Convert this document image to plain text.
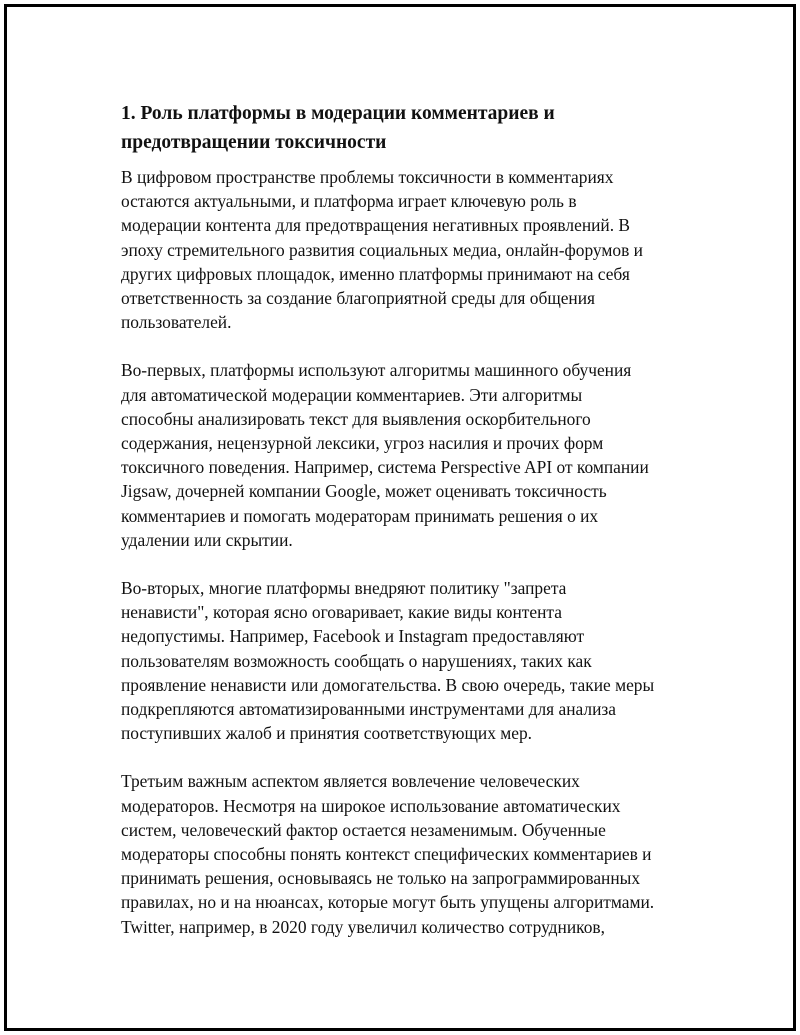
1. Роль платформы в модерации комментариев и
предотвращении токсичности

В цифровом пространстве проблемы токсичности в комментариях
остаются актуальными, и платформа играет ключевую роль в
модерации контента для предотвращения негативных проявлений. В
эпоху стремительного развития социальных медиа, онлайн-форумов и
других цифровых площадок, именно платформы принимают на себя
ответственность за создание благоприятной среды для общения
пользователей.

Во-первых, платформы используют алгоритмы машинного обучения
для автоматической модерации комментариев. Эти алгоритмы
способны анализировать текст для выявления оскорбительного
содержания, нецензурной лексики, угроз насилия и прочих форм
токсичного поведения. Например, система Perspective API от компании
Jigsaw, дочерней компании Google, может оценивать токсичность
комментариев и помогать модераторам принимать решения о их
удалении или скрытии.

Во-вторых, многие платформы внедряют политику "запрета
ненависти", которая ясно оговаривает, какие виды контента
недопустимы. Например, Facebook и Instagram предоставляют
пользователям возможность сообщать о нарушениях, таких как
проявление ненависти или домогательства. В свою очередь, такие меры
подкрепляются автоматизированными инструментами для анализа
поступивших жалоб и принятия соответствующих мер.

Третьим важным аспектом является вовлечение человеческих
модераторов. Несмотря на широкое использование автоматических
систем, человеческий фактор остается незаменимым. Обученные
модераторы способны понять контекст специфических комментариев и
принимать решения, основываясь не только на запрограммированных
правилах, но и на нюансах, которые могут быть упущены алгоритмами.
Twitter, например, в 2020 году увеличил количество сотрудников,
